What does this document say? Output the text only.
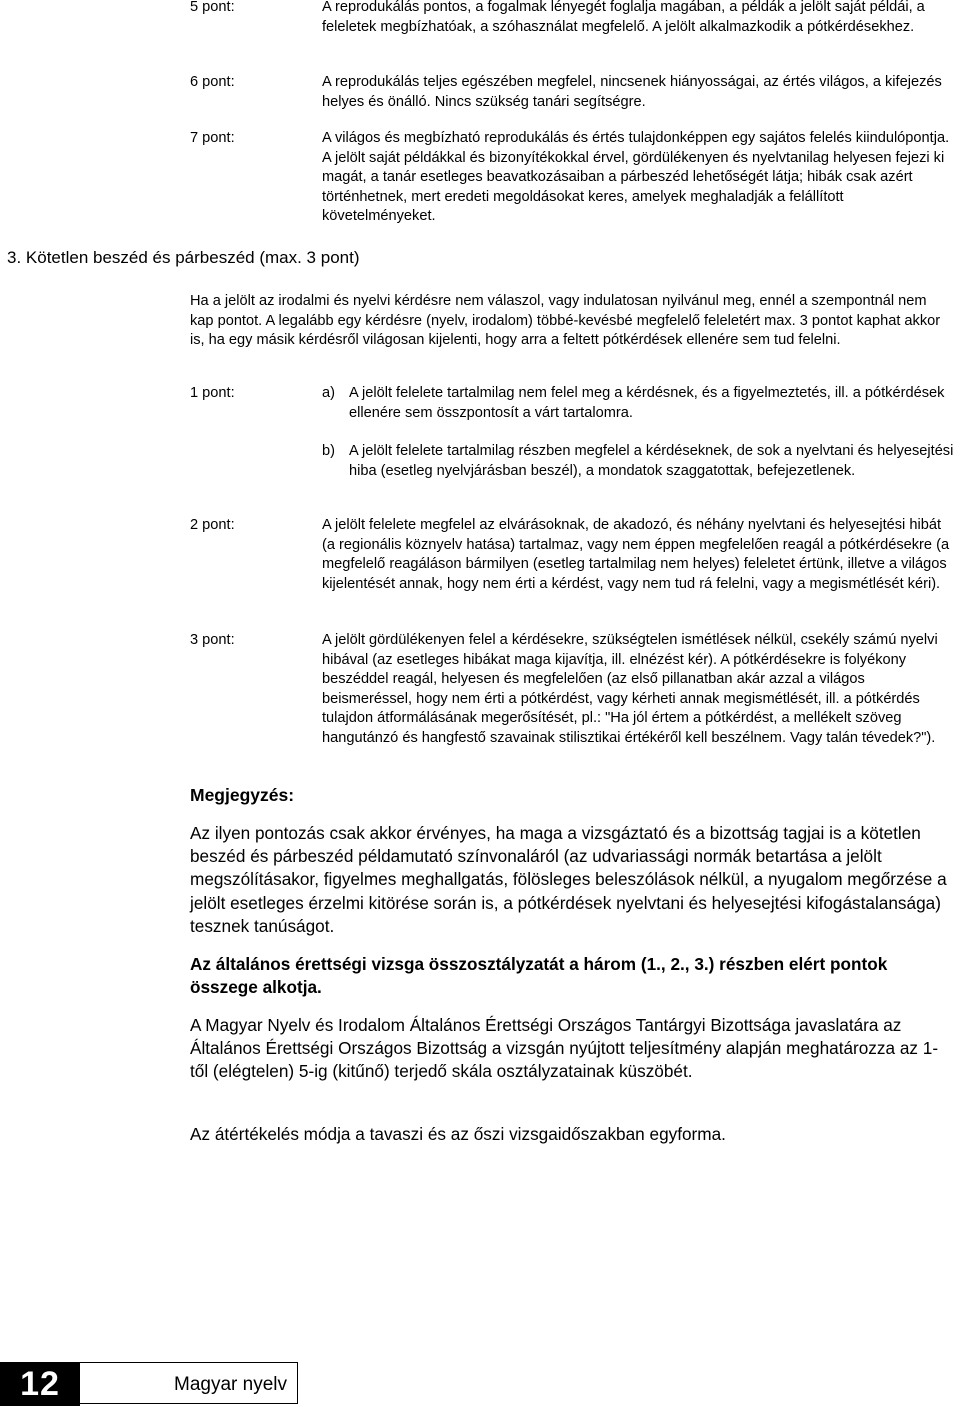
5 pont:	A reprodukálás pontos, a fogalmak lényegét foglalja magában, a példák a jelölt saját példái, a feleletek megbízhatóak, a szóhasználat megfelelő. A jelölt alkalmazkodik a pótkérdésekhez.
6 pont:	A reprodukálás teljes egészében megfelel, nincsenek hiányosságai, az értés világos, a kifejezés helyes és önálló. Nincs szükség tanári segítségre.
7 pont:	A világos és megbízható reprodukálás és értés tulajdonképpen egy sajátos felelés kiindulópontja. A jelölt saját példákkal és bizonyítékokkal érvel, gördülékenyen és nyelvtanilag helyesen fejezi ki magát, a tanár esetleges beavatkozásaiban a párbeszéd lehetőségét látja; hibák csak azért történhetnek, mert eredeti megoldásokat keres, amelyek meghaladják a felállított követelményeket.
3. Kötetlen beszéd és párbeszéd (max. 3 pont)
Ha a jelölt az irodalmi és nyelvi kérdésre nem válaszol, vagy indulatosan nyilvánul meg, ennél a szempontnál nem kap pontot. A legalább egy kérdésre (nyelv, irodalom) többé-kevésbé megfelelő feleletért max. 3 pontot kaphat akkor is, ha egy másik kérdésről világosan kijelenti, hogy arra a feltett pótkérdések ellenére sem tud felelni.
1 pont:	a) A jelölt felelete tartalmilag nem felel meg a kérdésnek, és a figyelmeztetés, ill. a pótkérdések ellenére sem összpontosít a várt tartalomra.
b) A jelölt felelete tartalmilag részben megfelel a kérdéseknek, de sok a nyelvtani és helyesejtési hiba (esetleg nyelvjárásban beszél), a mondatok szaggatottak, befejezetlenek.
2 pont:	A jelölt felelete megfelel az elvárásoknak, de akadozó, és néhány nyelvtani és helyesejtési hibát (a regionális köznyelv hatása) tartalmaz, vagy nem éppen megfelelően reagál a pótkérdésekre (a megfelelő reagáláson bármilyen (esetleg tartalmilag nem helyes) feleletet értünk, illetve a világos kijelentését annak, hogy nem érti a kérdést, vagy nem tud rá felelni, vagy a megismétlését kéri).
3 pont:	A jelölt gördülékenyen felel a kérdésekre, szükségtelen ismétlések nélkül, csekély számú nyelvi hibával (az esetleges hibákat maga kijavítja, ill. elnézést kér). A pótkérdésekre is folyékony beszéddel reagál, helyesen és megfelelően (az első pillanatban akár azzal a világos beismeréssel, hogy nem érti a pótkérdést, vagy kérheti annak megismétlését, ill. a pótkérdés tulajdon átformálásának megerősítését, pl.: "Ha jól értem a pótkérdést, a mellékelt szöveg hangutánzó és hangfestő szavainak stilisztikai értékéről kell beszélnem. Vagy talán tévedek?").
Megjegyzés:
Az ilyen pontozás csak akkor érvényes, ha maga a vizsgáztató és a bizottság tagjai is a kötetlen beszéd és párbeszéd példamutató színvonaláról (az udvariassági normák betartása a jelölt megszólításakor, figyelmes meghallgatás, fölösleges beleszólások nélkül, a nyugalom megőrzése a jelölt esetleges érzelmi kitörése során is, a pótkérdések nyelvtani és helyesejtési kifogástalansága) tesznek tanúságot.
Az általános érettségi vizsga összosztályzatát a három (1., 2., 3.) részben elért pontok összege alkotja.
A Magyar Nyelv és Irodalom Általános Érettségi Országos Tantárgyi Bizottsága javaslatára az Általános Érettségi Országos Bizottság a vizsgán nyújtott teljesítmény alapján meghatározza az 1-től (elégtelen) 5-ig (kitűnő) terjedő skála osztályzatainak küszöbét.
Az átértékelés módja a tavaszi és az őszi vizsgaidőszakban egyforma.
12	Magyar nyelv
